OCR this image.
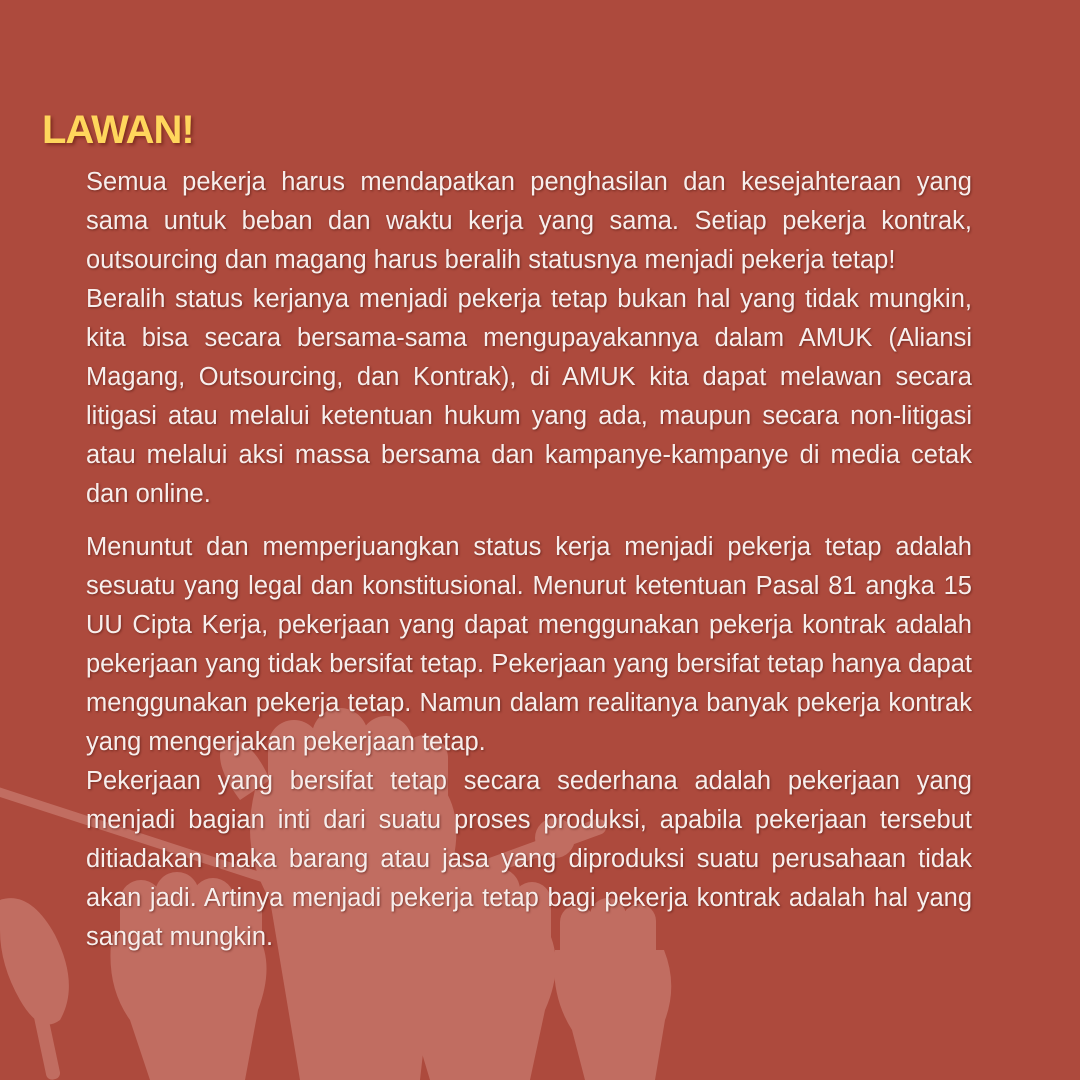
LAWAN!

Semua pekerja harus mendapatkan penghasilan dan kesejahteraan yang sama untuk beban dan waktu kerja yang sama. Setiap pekerja kontrak, outsourcing dan magang harus beralih statusnya menjadi pekerja tetap!

Beralih status kerjanya menjadi pekerja tetap bukan hal yang tidak mungkin, kita bisa secara bersama-sama mengupayakannya dalam AMUK (Aliansi Magang, Outsourcing, dan Kontrak), di AMUK kita dapat melawan secara litigasi atau melalui ketentuan hukum yang ada, maupun secara non-litigasi atau melalui aksi massa bersama dan kampanye-kampanye di media cetak dan online.

Menuntut dan memperjuangkan status kerja menjadi pekerja tetap adalah sesuatu yang legal dan konstitusional. Menurut ketentuan Pasal 81 angka 15 UU Cipta Kerja, pekerjaan yang dapat menggunakan pekerja kontrak adalah pekerjaan yang tidak bersifat tetap. Pekerjaan yang bersifat tetap hanya dapat menggunakan pekerja tetap. Namun dalam realitanya banyak pekerja kontrak yang mengerjakan pekerjaan tetap.

Pekerjaan yang bersifat tetap secara sederhana adalah pekerjaan yang menjadi bagian inti dari suatu proses produksi, apabila pekerjaan tersebut ditiadakan maka barang atau jasa yang diproduksi suatu perusahaan tidak akan jadi. Artinya menjadi pekerja tetap bagi pekerja kontrak adalah hal yang sangat mungkin.
